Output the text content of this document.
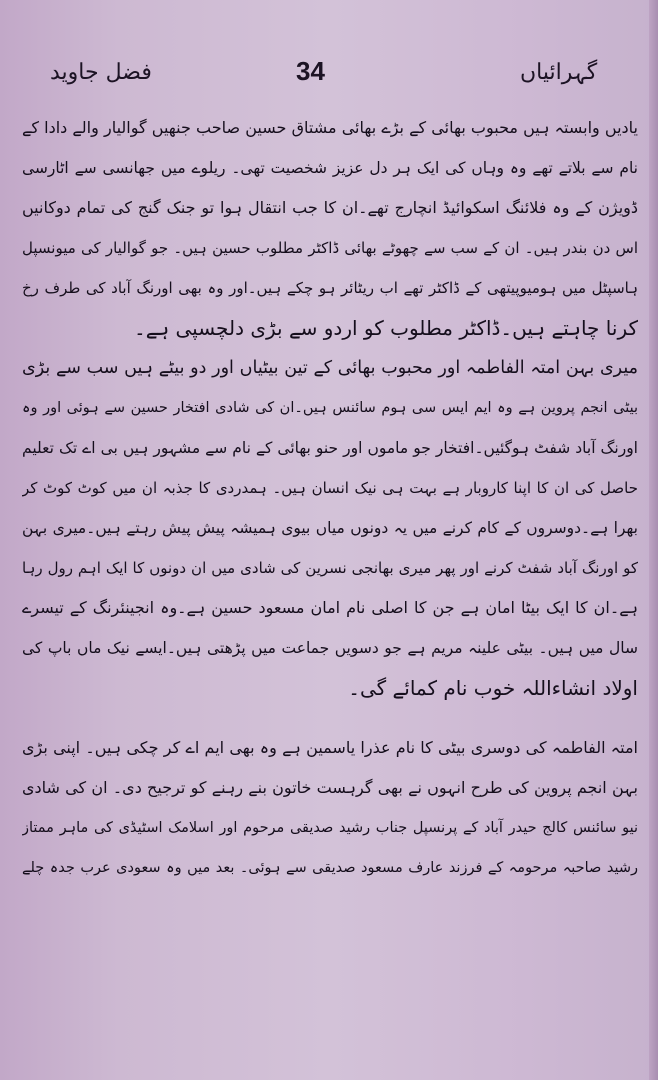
فضل جاوید	34	گہرائیاں
یادیں وابستہ ہیں محبوب بھائی کے بڑے بھائی مشتاق حسین صاحب جنھیں گوالیار والے دادا کے
نام سے بلاتے تھے وہ وہاں کی ایک ہر دل عزیز شخصیت تھی۔ ریلوے میں جھانسی سے اٹارسی
ڈویژن کے وہ فلائنگ اسکوائیڈ انچارج تھے۔ان کا جب انتقال ہوا تو جنک گنج کی تمام دوکانیں
اس دن بندر ہیں۔ ان کے سب سے چھوٹے بھائی ڈاکٹر مطلوب حسین ہیں۔ جو گوالیار کی میونسپل
ہاسپٹل میں ہومیوپیتھی کے ڈاکٹر تھے اب ریٹائر ہو چکے ہیں۔اور وہ بھی اورنگ آباد کی طرف رخ
کرنا چاہتے ہیں۔ڈاکٹر مطلوب کو اردو سے بڑی دلچسپی ہے۔
میری بہن امتہ الفاطمہ اور محبوب بھائی کے تین بیٹیاں اور دو بیٹے ہیں سب سے بڑی
بیٹی انجم پروین ہے وہ ایم ایس سی ہوم سائنس ہیں۔ان کی شادی افتخار حسین سے ہوئی اور وہ
اورنگ آباد شفٹ ہوگئیں۔افتخار جو ماموں اور حنو بھائی کے نام سے مشہور ہیں بی اے تک تعلیم
حاصل کی ان کا اپنا کاروبار ہے بہت ہی نیک انسان ہیں۔ ہمدردی کا جذبہ ان میں کوٹ کوٹ کر
بھرا ہے۔دوسروں کے کام کرنے میں یہ دونوں میاں بیوی ہمیشہ پیش پیش رہتے ہیں۔میری بہن
کو اورنگ آباد شفٹ کرنے اور پھر میری بھانجی نسرین کی شادی میں ان دونوں کا ایک اہم رول رہا
ہے۔ان کا ایک بیٹا امان ہے جن کا اصلی نام امان مسعود حسین ہے۔وہ انجینئرنگ کے تیسرے
سال میں ہیں۔ بیٹی علینہ مریم ہے جو دسویں جماعت میں پڑھتی ہیں۔ایسے نیک ماں باپ کی
اولاد انشاءاللہ خوب نام کمائے گی۔
امتہ الفاطمہ کی دوسری بیٹی کا نام عذرا یاسمین ہے وہ بھی ایم اے کر چکی ہیں۔ اپنی بڑی
بہن انجم پروین کی طرح انہوں نے بھی گرہست خاتون بنے رہنے کو ترجیح دی۔ ان کی شادی
نیو سائنس کالج حیدر آباد کے پرنسپل جناب رشید صدیقی مرحوم اور اسلامک اسٹیڈی کی ماہر ممتاز
رشید صاحبہ مرحومہ کے فرزند عارف مسعود صدیقی سے ہوئی۔ بعد میں وہ سعودی عرب جدہ چلے
